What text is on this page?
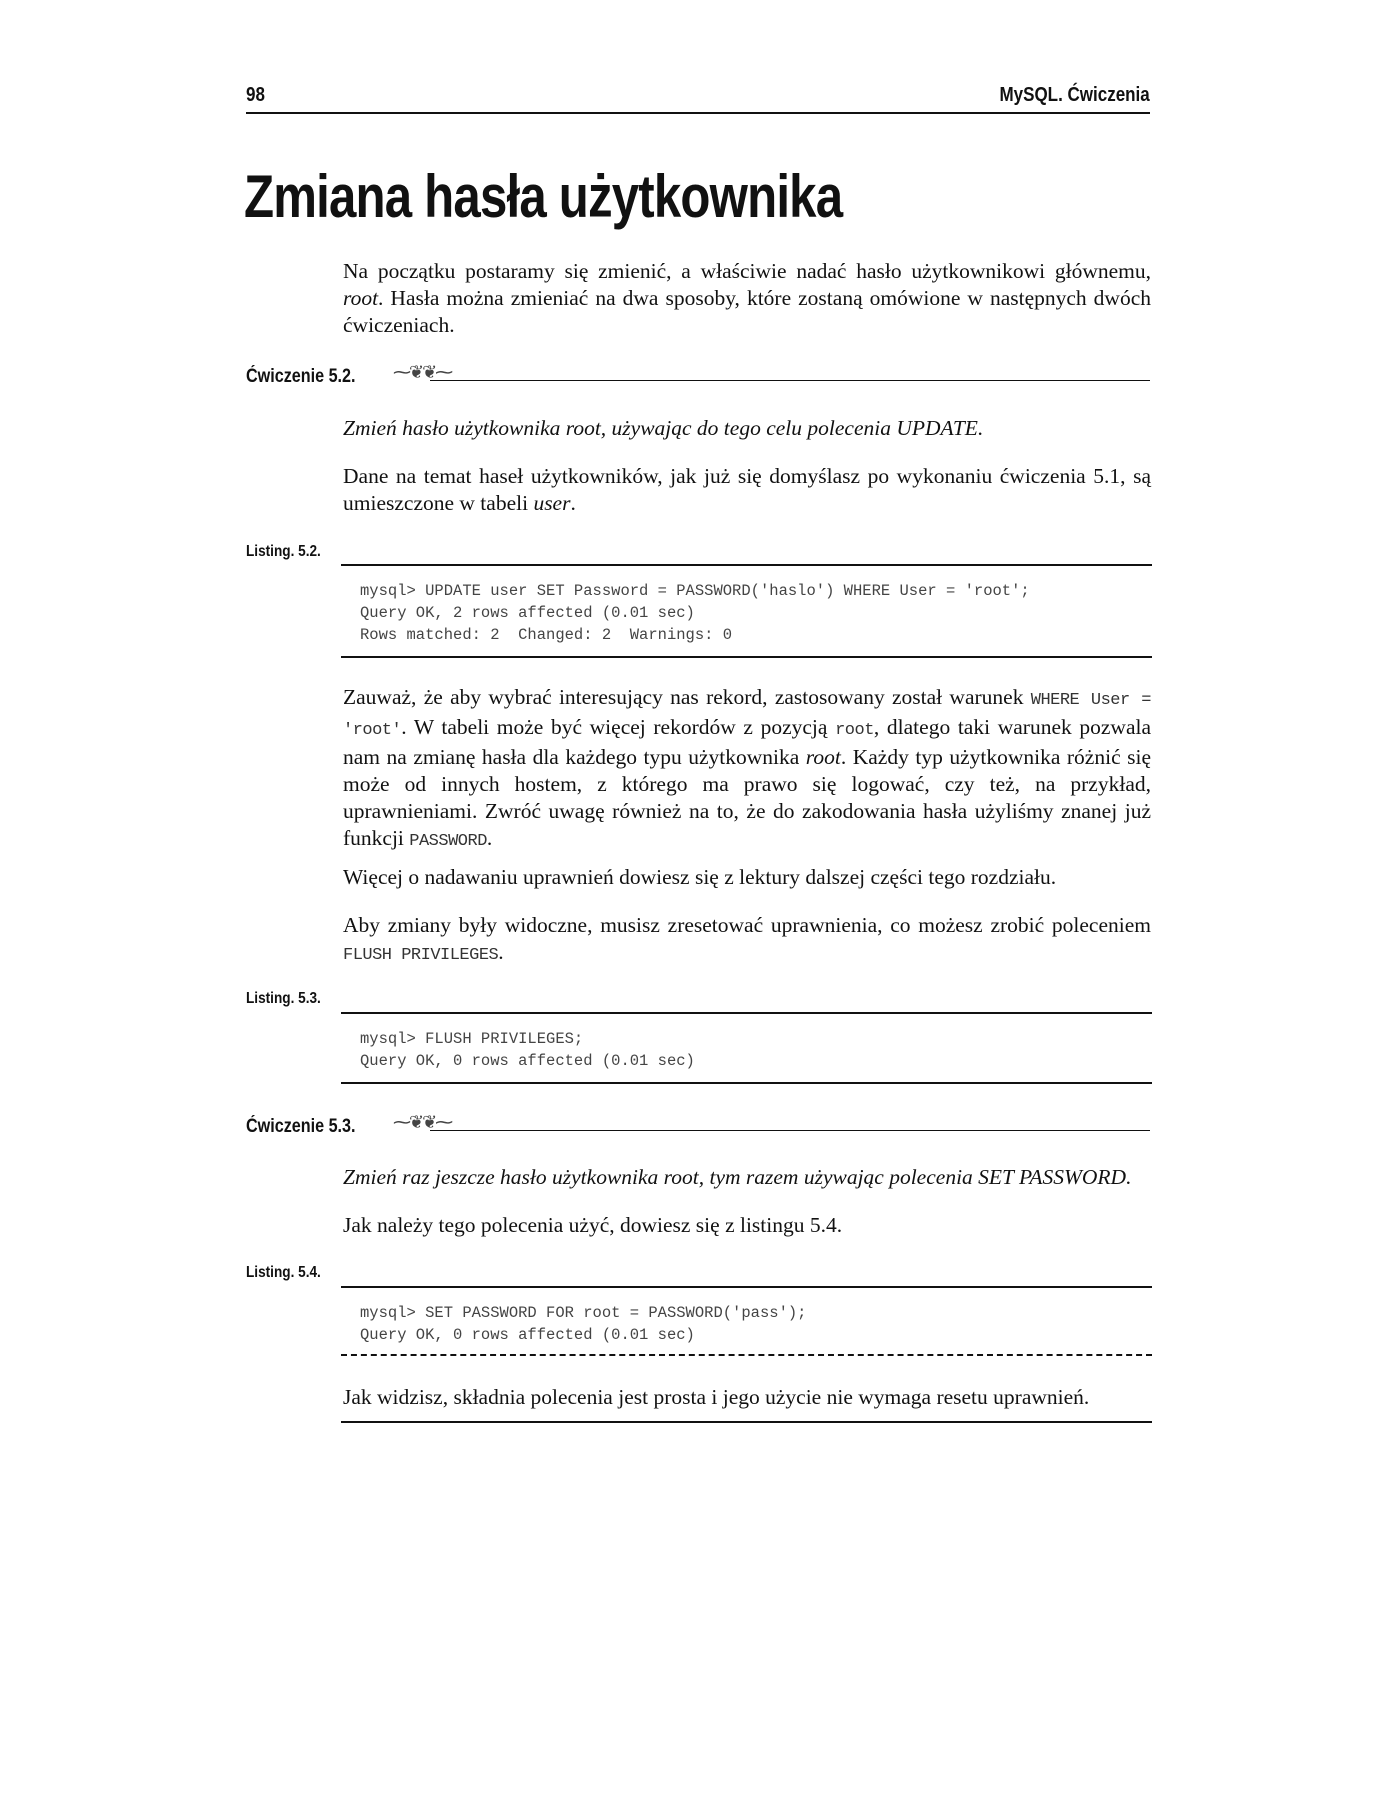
98	MySQL. Ćwiczenia
Zmiana hasła użytkownika
Na początku postaramy się zmienić, a właściwie nadać hasło użytkownikowi głównemu, root. Hasła można zmieniać na dwa sposoby, które zostaną omówione w następnych dwóch ćwiczeniach.
Ćwiczenie 5.2. ⁓❦❦⁓
Zmień hasło użytkownika root, używając do tego celu polecenia UPDATE.
Dane na temat haseł użytkowników, jak już się domyślasz po wykonaniu ćwiczenia 5.1, są umieszczone w tabeli user.
Listing. 5.2.
mysql> UPDATE user SET Password = PASSWORD('haslo') WHERE User = 'root';
Query OK, 2 rows affected (0.01 sec)
Rows matched: 2  Changed: 2  Warnings: 0
Zauważ, że aby wybrać interesujący nas rekord, zastosowany został warunek WHERE User = 'root'. W tabeli może być więcej rekordów z pozycją root, dlatego taki warunek pozwala nam na zmianę hasła dla każdego typu użytkownika root. Każdy typ użytkownika różnić się może od innych hostem, z którego ma prawo się logować, czy też, na przykład, uprawnieniami. Zwróć uwagę również na to, że do zakodowania hasła użyliśmy znanej już funkcji PASSWORD.
Więcej o nadawaniu uprawnień dowiesz się z lektury dalszej części tego rozdziału.
Aby zmiany były widoczne, musisz zresetować uprawnienia, co możesz zrobić poleceniem FLUSH PRIVILEGES.
Listing. 5.3.
mysql> FLUSH PRIVILEGES;
Query OK, 0 rows affected (0.01 sec)
Ćwiczenie 5.3. ⁓❦❦⁓
Zmień raz jeszcze hasło użytkownika root, tym razem używając polecenia SET PASSWORD.
Jak należy tego polecenia użyć, dowiesz się z listingu 5.4.
Listing. 5.4.
mysql> SET PASSWORD FOR root = PASSWORD('pass');
Query OK, 0 rows affected (0.01 sec)
Jak widzisz, składnia polecenia jest prosta i jego użycie nie wymaga resetu uprawnień.
